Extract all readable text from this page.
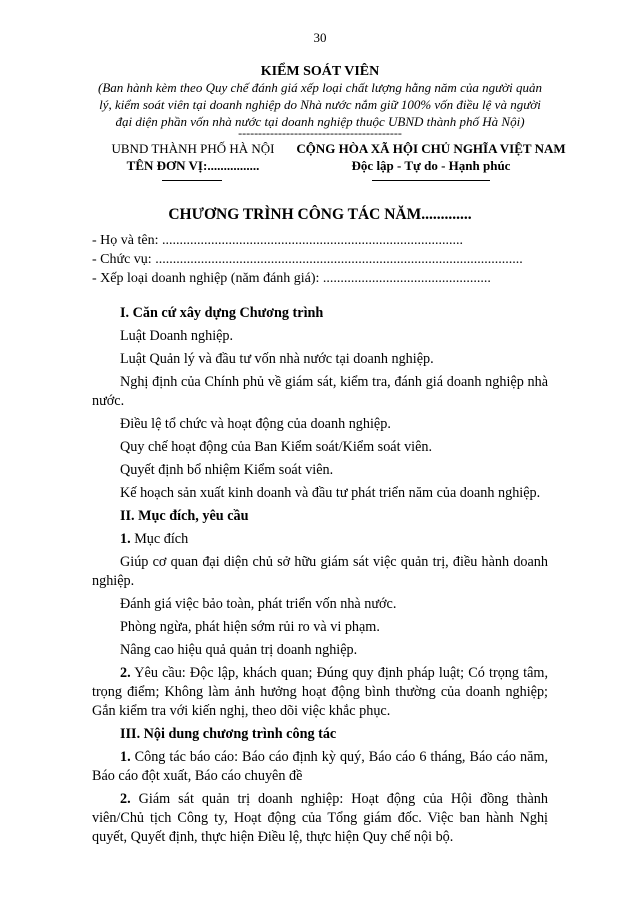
30
KIỂM SOÁT VIÊN
(Ban hành kèm theo Quy chế đánh giá xếp loại chất lượng hằng năm của người quản lý, kiểm soát viên tại doanh nghiệp do Nhà nước nắm giữ 100% vốn điều lệ và người đại diện phần vốn nhà nước tại doanh nghiệp thuộc UBND thành phố Hà Nội)
-----------------------------------------
UBND THÀNH PHỐ HÀ NỘI
TÊN ĐƠN VỊ:................
CỘNG HÒA XÃ HỘI CHỦ NGHĨA VIỆT NAM
Độc lập - Tự do - Hạnh phúc
CHƯƠNG TRÌNH CÔNG TÁC NĂM.............
- Họ và tên: ......................................................................................
- Chức vụ: .........................................................................................................
- Xếp loại doanh nghiệp (năm đánh giá): ................................................

I. Căn cứ xây dựng Chương trình

Luật Doanh nghiệp.

Luật Quản lý và đầu tư vốn nhà nước tại doanh nghiệp.

Nghị định của Chính phủ về giám sát, kiểm tra, đánh giá doanh nghiệp nhà nước.

Điều lệ tổ chức và hoạt động của doanh nghiệp.

Quy chế hoạt động của Ban Kiểm soát/Kiểm soát viên.

Quyết định bổ nhiệm Kiểm soát viên.

Kế hoạch sản xuất kinh doanh và đầu tư phát triển năm của doanh nghiệp.

II. Mục đích, yêu cầu

1. Mục đích

Giúp cơ quan đại diện chủ sở hữu giám sát việc quản trị, điều hành doanh nghiệp.

Đánh giá việc bảo toàn, phát triển vốn nhà nước.

Phòng ngừa, phát hiện sớm rủi ro và vi phạm.

Nâng cao hiệu quả quản trị doanh nghiệp.

2. Yêu cầu: Độc lập, khách quan; Đúng quy định pháp luật; Có trọng tâm, trọng điểm; Không làm ảnh hưởng hoạt động bình thường của doanh nghiệp; Gắn kiểm tra với kiến nghị, theo dõi việc khắc phục.

III. Nội dung chương trình công tác

1. Công tác báo cáo: Báo cáo định kỳ quý, Báo cáo 6 tháng, Báo cáo năm, Báo cáo đột xuất, Báo cáo chuyên đề

2. Giám sát quản trị doanh nghiệp: Hoạt động của Hội đồng thành viên/Chủ tịch Công ty, Hoạt động của Tổng giám đốc. Việc ban hành Nghị quyết, Quyết định, thực hiện Điều lệ, thực hiện Quy chế nội bộ.
